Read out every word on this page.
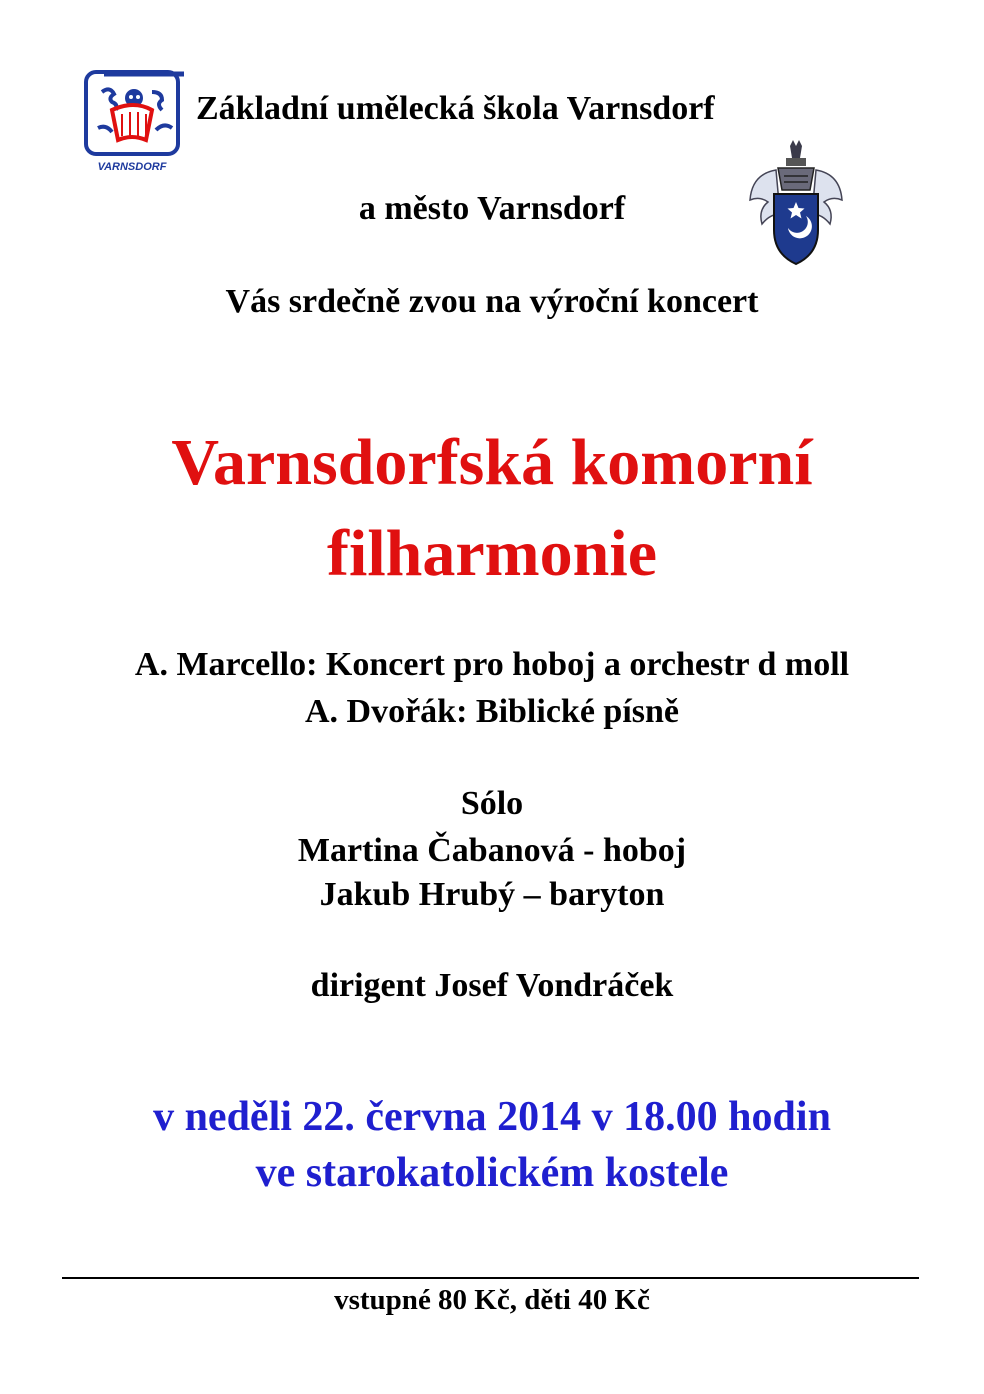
VARNSDORF
Základní umělecká škola Varnsdorf
a město Varnsdorf
Vás srdečně zvou na výroční koncert
Varnsdorfská komorní
filharmonie
A. Marcello: Koncert pro hoboj a orchestr d moll
A. Dvořák: Biblické písně
Sólo
Martina Čabanová - hoboj
Jakub Hrubý – baryton
dirigent Josef Vondráček
v neděli 22. června 2014 v 18.00 hodin
ve starokatolickém kostele
vstupné 80 Kč, děti 40 Kč
